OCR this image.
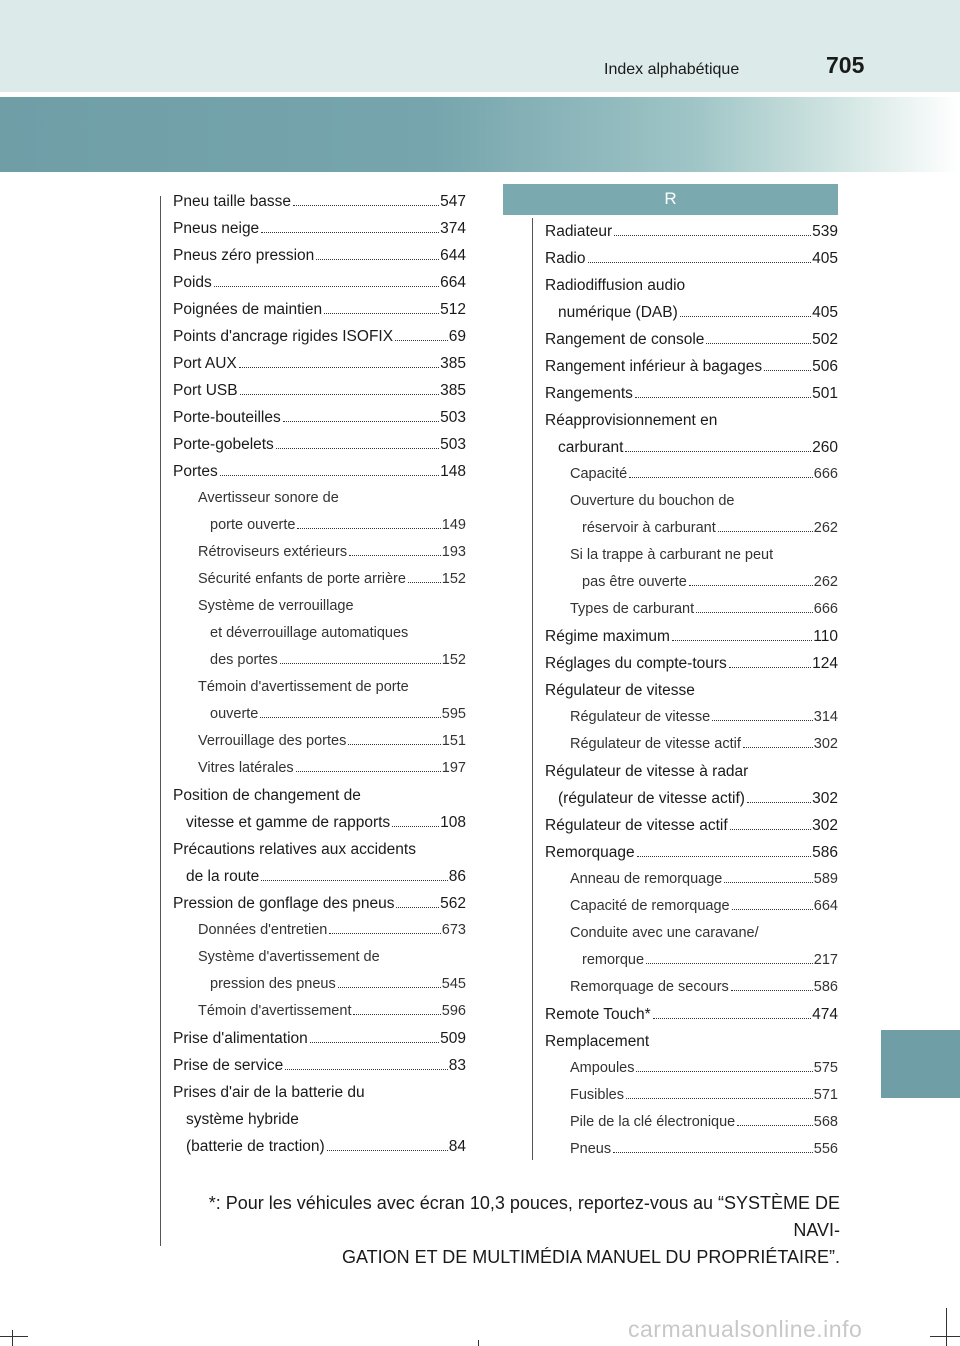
705
Index alphabétique
R
Pneu taille basse	547
Pneus neige	374
Pneus zéro pression	644
Poids	664
Poignées de maintien	512
Points d'ancrage rigides ISOFIX	69
Port AUX	385
Port USB	385
Porte-bouteilles	503
Porte-gobelets	503
Portes	148
Avertisseur sonore de
porte ouverte	149
Rétroviseurs extérieurs	193
Sécurité enfants de porte arrière 152
Système de verrouillage
et déverrouillage automatiques
des portes	152
Témoin d'avertissement de porte
ouverte	595
Verrouillage des portes	151
Vitres latérales	197
Position de changement de
vitesse et gamme de rapports	108
Précautions relatives aux accidents
de la route	86
Pression de gonflage des pneus	562
Données d'entretien	673
Système d'avertissement de
pression des pneus	545
Témoin d'avertissement	596
Prise d'alimentation	509
Prise de service	83
Prises d'air de la batterie du
système hybride
(batterie de traction)	84
Radiateur	539
Radio	405
Radiodiffusion audio
numérique (DAB)	405
Rangement de console	502
Rangement inférieur à bagages	506
Rangements	501
Réapprovisionnement en
carburant	260
Capacité	666
Ouverture du bouchon de
réservoir à carburant	262
Si la trappe à carburant ne peut
pas être ouverte	262
Types de carburant	666
Régime maximum	110
Réglages du compte-tours	124
Régulateur de vitesse
Régulateur de vitesse	314
Régulateur de vitesse actif	302
Régulateur de vitesse à radar
(régulateur de vitesse actif)	302
Régulateur de vitesse actif	302
Remorquage	586
Anneau de remorquage	589
Capacité de remorquage	664
Conduite avec une caravane/
remorque	217
Remorquage de secours	586
Remote Touch*	474
Remplacement
Ampoules	575
Fusibles	571
Pile de la clé électronique	568
Pneus	556
*: Pour les véhicules avec écran 10,3 pouces, reportez-vous au “SYSTÈME DE NAVI-
GATION ET DE MULTIMÉDIA MANUEL DU PROPRIÉTAIRE”.
carmanualsonline.info
